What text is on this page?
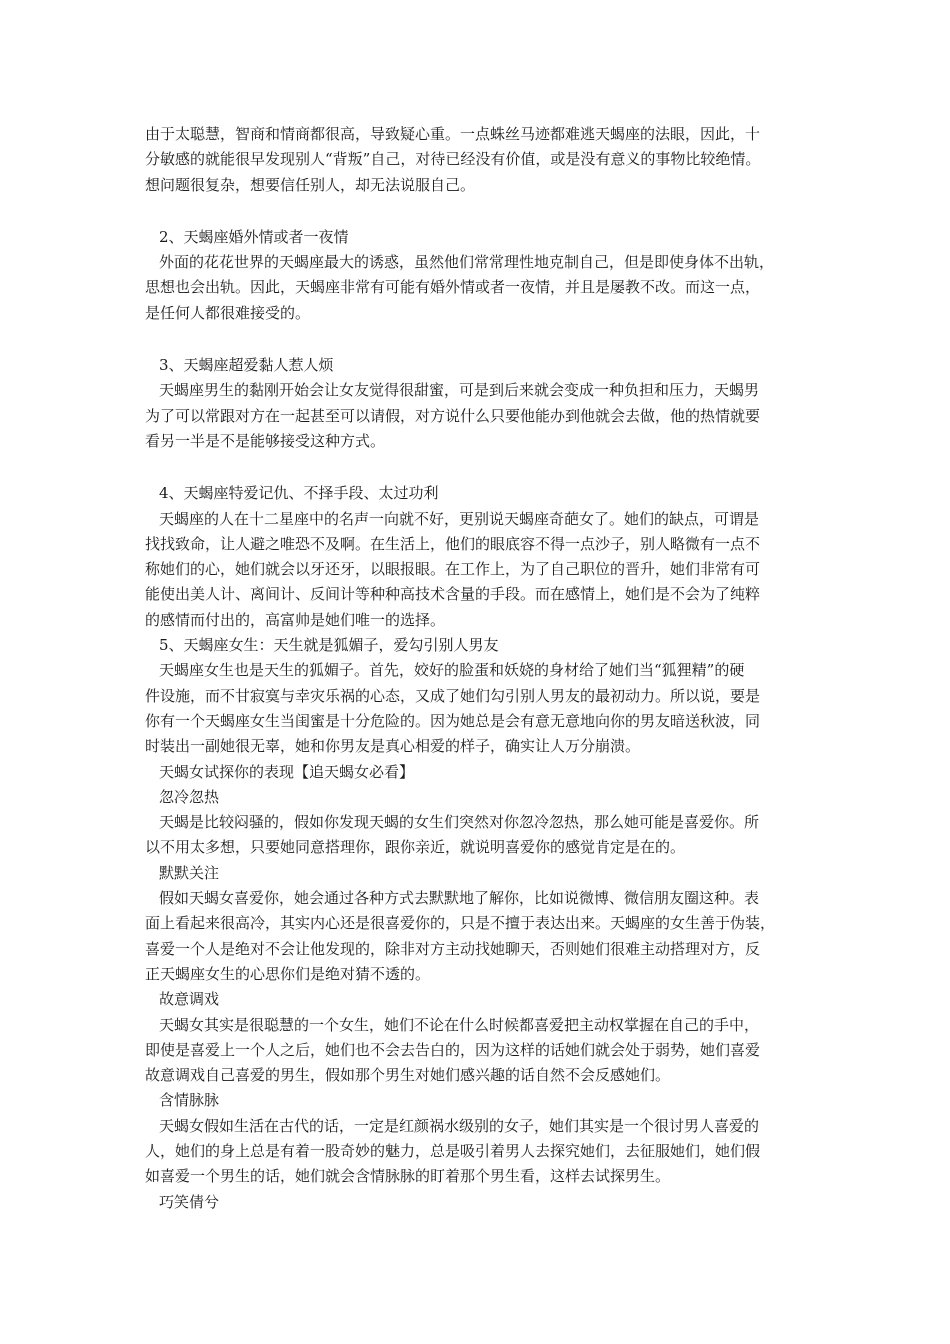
由于太聪慧，智商和情商都很高，导致疑心重。一点蛛丝马迹都难逃天蝎座的法眼，因此，十
分敏感的就能很早发现别人“背叛”自己，对待已经没有价值，或是没有意义的事物比较绝情。
想问题很复杂，想要信任别人，却无法说服自己。
2、天蝎座婚外情或者一夜情
外面的花花世界的天蝎座最大的诱惑，虽然他们常常理性地克制自己，但是即使身体不出轨，
思想也会出轨。因此，天蝎座非常有可能有婚外情或者一夜情，并且是屡教不改。而这一点，
是任何人都很难接受的。
3、天蝎座超爱黏人惹人烦
天蝎座男生的黏刚开始会让女友觉得很甜蜜，可是到后来就会变成一种负担和压力，天蝎男
为了可以常跟对方在一起甚至可以请假，对方说什么只要他能办到他就会去做，他的热情就要
看另一半是不是能够接受这种方式。
4、天蝎座特爱记仇、不择手段、太过功利
天蝎座的人在十二星座中的名声一向就不好，更别说天蝎座奇葩女了。她们的缺点，可谓是
找找致命，让人避之唯恐不及啊。在生活上，他们的眼底容不得一点沙子，别人略微有一点不
称她们的心，她们就会以牙还牙，以眼报眼。在工作上，为了自己职位的晋升，她们非常有可
能使出美人计、离间计、反间计等种种高技术含量的手段。而在感情上，她们是不会为了纯粹
的感情而付出的，高富帅是她们唯一的选择。
5、天蝎座女生：天生就是狐媚子，爱勾引别人男友
天蝎座女生也是天生的狐媚子。首先，姣好的脸蛋和妖娆的身材给了她们当“狐狸精”的硬
件设施，而不甘寂寞与幸灾乐祸的心态，又成了她们勾引别人男友的最初动力。所以说，要是
你有一个天蝎座女生当闺蜜是十分危险的。因为她总是会有意无意地向你的男友暗送秋波，同
时装出一副她很无辜，她和你男友是真心相爱的样子，确实让人万分崩溃。
天蝎女试探你的表现【追天蝎女必看】
忽冷忽热
天蝎是比较闷骚的，假如你发现天蝎的女生们突然对你忽冷忽热，那么她可能是喜爱你。所
以不用太多想，只要她同意搭理你，跟你亲近，就说明喜爱你的感觉肯定是在的。
默默关注
假如天蝎女喜爱你，她会通过各种方式去默默地了解你，比如说微博、微信朋友圈这种。表
面上看起来很高冷，其实内心还是很喜爱你的，只是不擅于表达出来。天蝎座的女生善于伪装，
喜爱一个人是绝对不会让他发现的，除非对方主动找她聊天，否则她们很难主动搭理对方，反
正天蝎座女生的心思你们是绝对猜不透的。
故意调戏
天蝎女其实是很聪慧的一个女生，她们不论在什么时候都喜爱把主动权掌握在自己的手中，
即使是喜爱上一个人之后，她们也不会去告白的，因为这样的话她们就会处于弱势，她们喜爱
故意调戏自己喜爱的男生，假如那个男生对她们感兴趣的话自然不会反感她们。
含情脉脉
天蝎女假如生活在古代的话，一定是红颜祸水级别的女子，她们其实是一个很讨男人喜爱的
人，她们的身上总是有着一股奇妙的魅力，总是吸引着男人去探究她们，去征服她们，她们假
如喜爱一个男生的话，她们就会含情脉脉的盯着那个男生看，这样去试探男生。
巧笑倩兮
